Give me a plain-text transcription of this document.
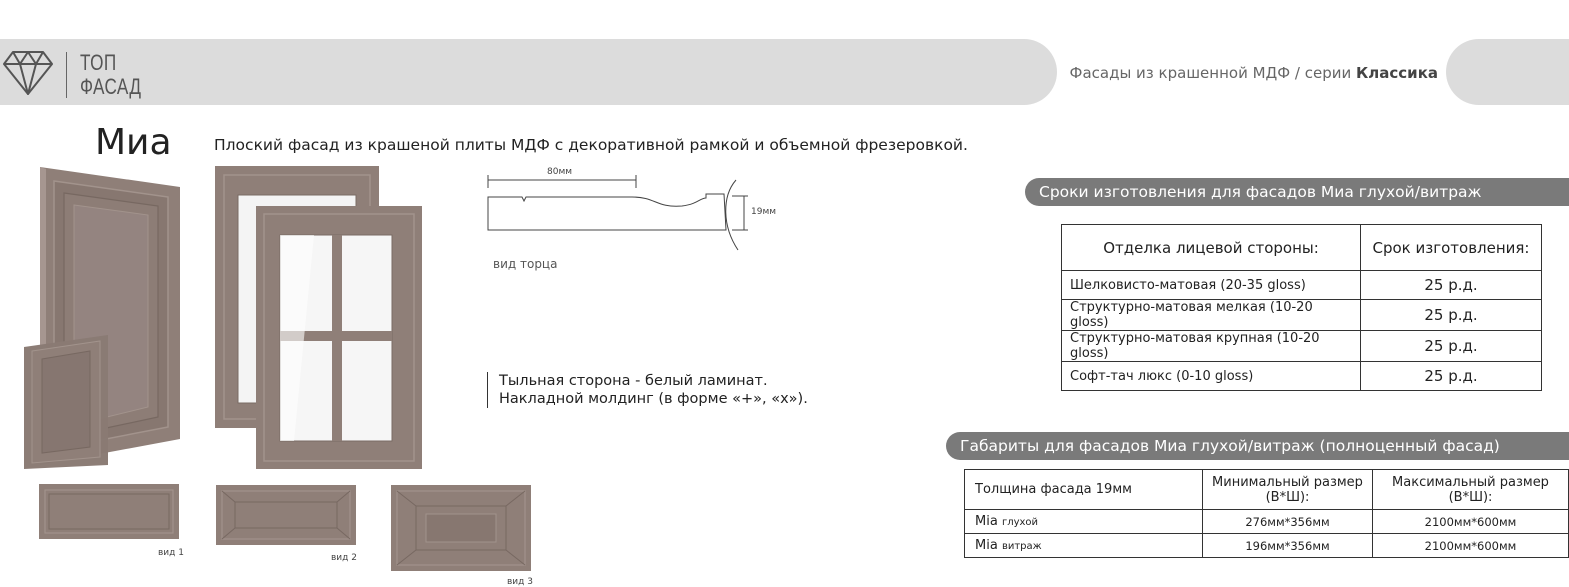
ТОП
ФАСАД
Фасады из крашенной МДФ / серии Классика
Миа	Плоский фасад из крашеной плиты МДФ с декоративной рамкой и объемной фрезеровкой.
80мм
19мм
вид торца
вид 1	вид 2
вид 3
Тыльная сторона - белый ламинат.
Накладной молдинг (в форме «+», «х»).
Сроки изготовления для фасадов Миа глухой/витраж
Отделка лицевой стороны:	Срок изготовления:
Шелковисто-матовая (20-35 gloss)	25 р.д.
Структурно-матовая мелкая (10-20 gloss)	25 р.д.
Структурно-матовая крупная (10-20 gloss)	25 р.д.
Софт-тач люкс (0-10 gloss)	25 р.д.
Габариты для фасадов Миа глухой/витраж (полноценный фасад)
Толщина фасада 19мм	Минимальный размер (В*Ш):	Максимальный размер (В*Ш):
Mia глухой	276мм*356мм	2100мм*600мм
Mia витраж	196мм*356мм	2100мм*600мм
